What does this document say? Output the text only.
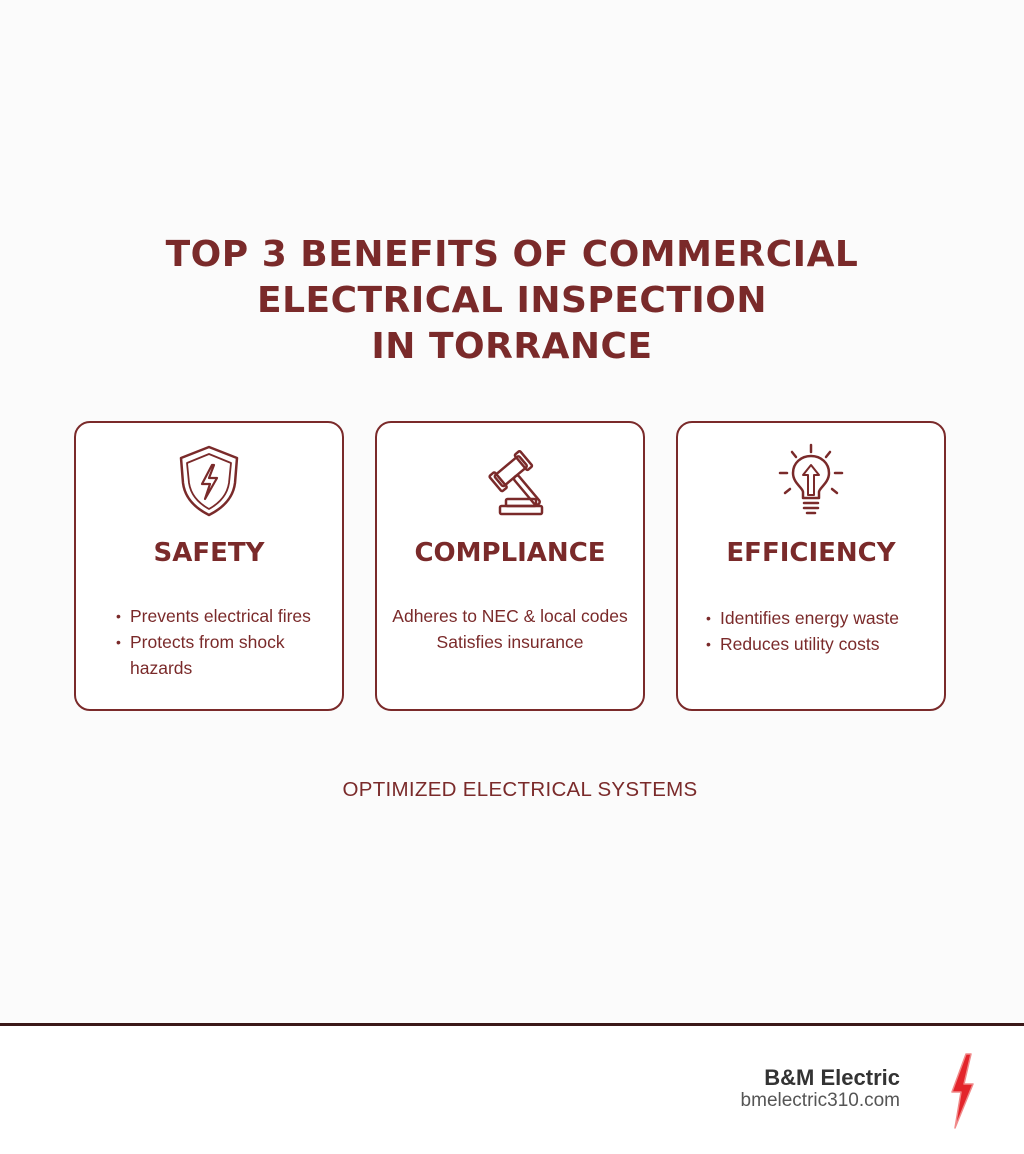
TOP 3 BENEFITS OF COMMERCIAL
ELECTRICAL INSPECTION
IN TORRANCE
SAFETY
• Prevents electrical fires
• Protects from shock hazards
COMPLIANCE
Adheres to NEC & local codes
Satisfies insurance
EFFICIENCY
• Identifies energy waste
• Reduces utility costs
OPTIMIZED ELECTRICAL SYSTEMS
B&M Electric
bmelectric310.com
